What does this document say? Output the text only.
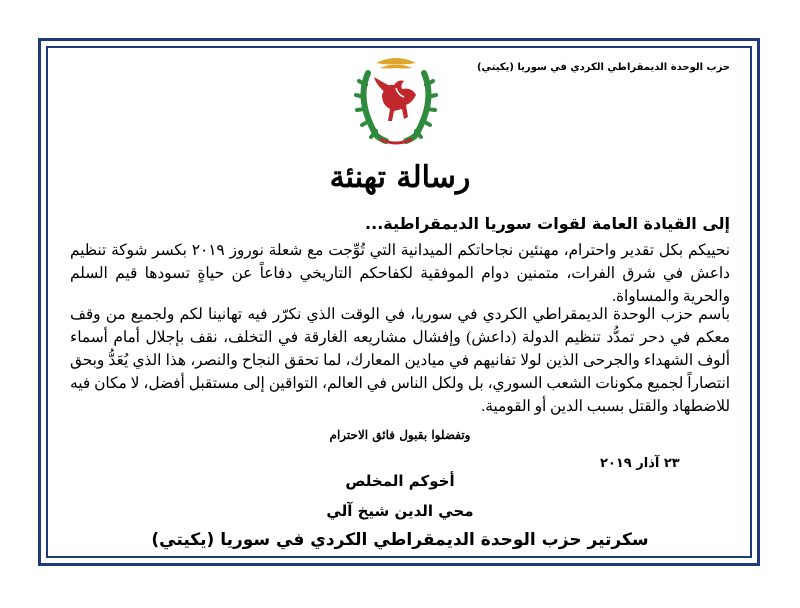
حزب الوحدة الديمقراطي الكردي في سوريا (يكيتي)
رسالة تهنئة
إلى القيادة العامة لقوات سوريا الديمقراطية...
نحييكم بكل تقدير واحترام، مهنئين نجاحاتكم الميدانية التي تُوِّجت مع شعلة نوروز ٢٠١٩ بكسر شوكة تنظيم داعش في شرق الفرات، متمنين دوام الموفقية لكفاحكم التاريخي دفاعاً عن حياةٍ تسودها قيم السلم والحرية والمساواة.
باسم حزب الوحدة الديمقراطي الكردي في سوريا، في الوقت الذي نكرّر فيه تهانينا لكم ولجميع من وقف معكم في دحر تمدُّد تنظيم الدولة (داعش) وإفشال مشاريعه الغارقة في التخلف، نقف بإجلال أمام أسماء ألوف الشهداء والجرحى الذين لولا تفانيهم في ميادين المعارك، لما تحقق النجاح والنصر، هذا الذي يُعَدُّ وبحق انتصاراً لجميع مكونات الشعب السوري، بل ولكل الناس في العالم، التواقين إلى مستقبل أفضل، لا مكان فيه للاضطهاد والقتل بسبب الدين أو القومية.
وتفضلوا بقبول فائق الاحترام
٢٣ آذار ٢٠١٩
أخوكم المخلص
محي الدين شيخ آلي
سكرتير حزب الوحدة الديمقراطي الكردي في سوريا (يكيتي)
